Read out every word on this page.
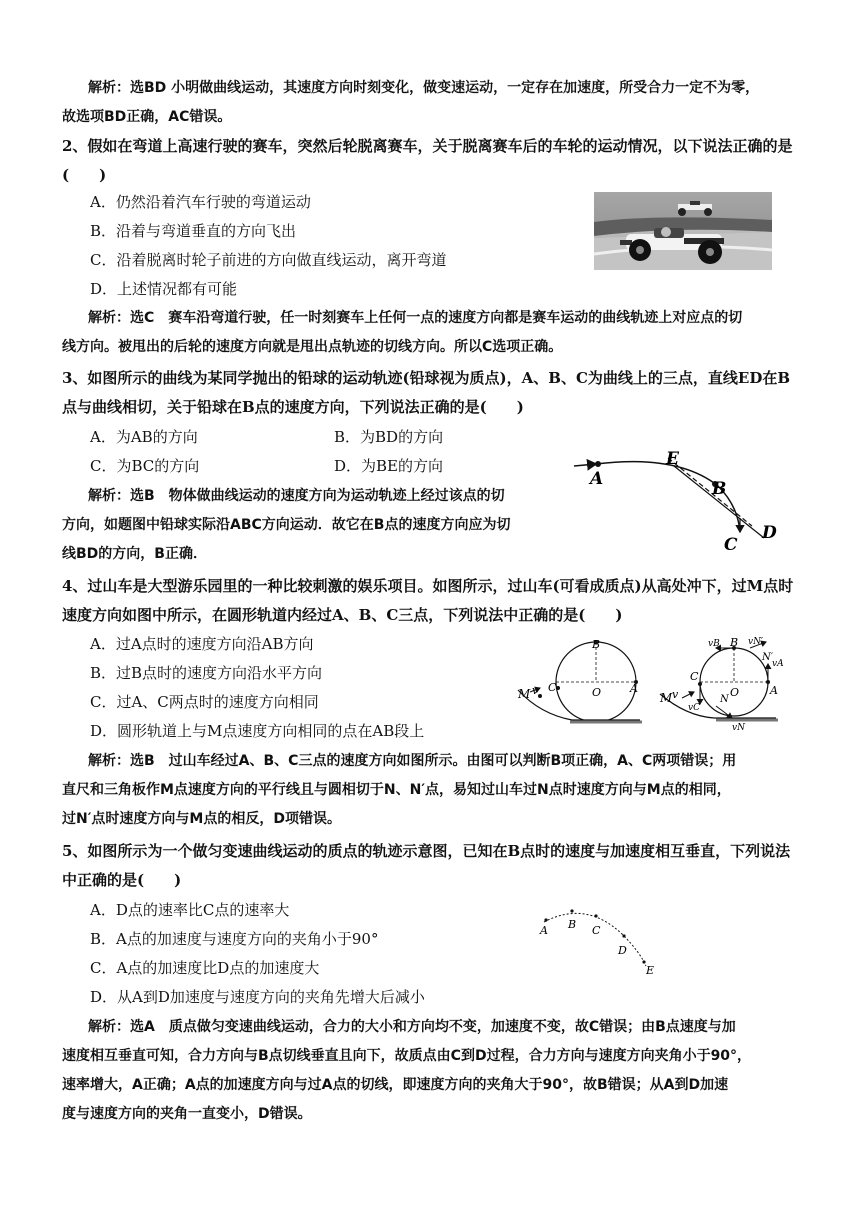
解析：选BD 小明做曲线运动，其速度方向时刻变化，做变速运动，一定存在加速度，所受合力一定不为零，
故选项BD正确，AC错误。
2、假如在弯道上高速行驶的赛车，突然后轮脱离赛车，关于脱离赛车后的车轮的运动情况，以下说法正确的是
(　　)
A．仍然沿着汽车行驶的弯道运动
B．沿着与弯道垂直的方向飞出
C．沿着脱离时轮子前进的方向做直线运动，离开弯道
D．上述情况都有可能
解析：选C　赛车沿弯道行驶，任一时刻赛车上任何一点的速度方向都是赛车运动的曲线轨迹上对应点的切
线方向。被甩出的后轮的速度方向就是甩出点轨迹的切线方向。所以C选项正确。
3、如图所示的曲线为某同学抛出的铅球的运动轨迹(铅球视为质点)，A、B、C为曲线上的三点，直线ED在B
点与曲线相切，关于铅球在B点的速度方向，下列说法正确的是(　　)
A．为AB的方向	B．为BD的方向
C．为BC的方向	D．为BE的方向
解析：选B　物体做曲线运动的速度方向为运动轨迹上经过该点的切
方向，如题图中铅球实际沿ABC方向运动．故它在B点的速度方向应为切
线BD的方向，B正确．
A
E
B
D
C
4、过山车是大型游乐园里的一种比较刺激的娱乐项目。如图所示，过山车(可看成质点)从高处冲下，过M点时
速度方向如图中所示，在圆形轨道内经过A、B、C三点，下列说法中正确的是(　　)
A．过A点时的速度方向沿AB方向
B．过B点时的速度方向沿水平方向
C．过A、C两点时的速度方向相同
D．圆形轨道上与M点速度方向相同的点在AB段上
解析：选B　过山车经过A、B、C三点的速度方向如图所示。由图可以判断B项正确，A、C两项错误；用
直尺和三角板作M点速度方向的平行线且与圆相切于N、N′点，易知过山车过N点时速度方向与M点的相同，
过N′点时速度方向与M点的相反，D项错误。
M v C	O	A
B
M v
C
O	A
B
vB	vN′
N′
vA
vC
N
vN
5、如图所示为一个做匀变速曲线运动的质点的轨迹示意图，已知在B点时的速度与加速度相互垂直，下列说法
中正确的是(　　)
A．D点的速率比C点的速率大
B．A点的加速度与速度方向的夹角小于90°
C．A点的加速度比D点的加速度大
D．从A到D加速度与速度方向的夹角先增大后减小
解析：选A　质点做匀变速曲线运动，合力的大小和方向均不变，加速度不变，故C错误；由B点速度与加
速度相互垂直可知，合力方向与B点切线垂直且向下，故质点由C到D过程，合力方向与速度方向夹角小于90°，
速率增大，A正确；A点的加速度方向与过A点的切线，即速度方向的夹角大于90°，故B错误；从A到D加速
度与速度方向的夹角一直变小，D错误。
A B C
D
E
